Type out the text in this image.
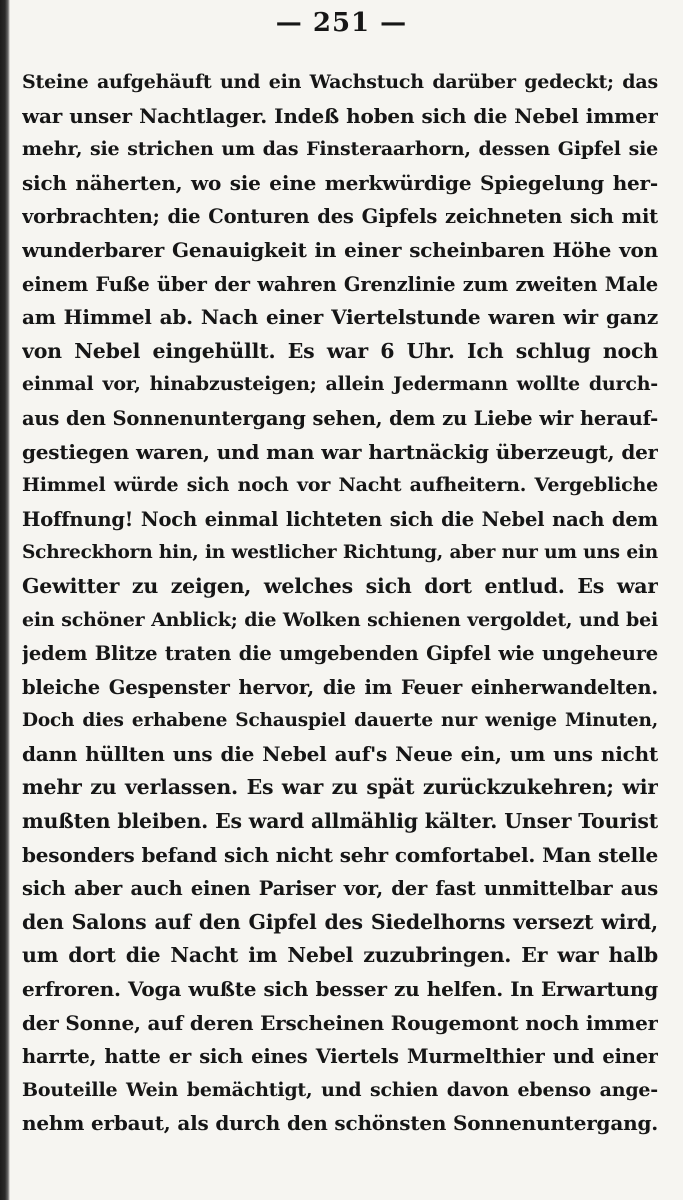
— 251 —
Steine aufgehäuft und ein Wachstuch darüber gedeckt; das
war unser Nachtlager. Indeß hoben sich die Nebel immer
mehr, sie strichen um das Finsteraarhorn, dessen Gipfel sie
sich näherten, wo sie eine merkwürdige Spiegelung her-
vorbrachten; die Conturen des Gipfels zeichneten sich mit
wunderbarer Genauigkeit in einer scheinbaren Höhe von
einem Fuße über der wahren Grenzlinie zum zweiten Male
am Himmel ab. Nach einer Viertelstunde waren wir ganz
von Nebel eingehüllt. Es war 6 Uhr. Ich schlug noch
einmal vor, hinabzusteigen; allein Jedermann wollte durch-
aus den Sonnenuntergang sehen, dem zu Liebe wir herauf-
gestiegen waren, und man war hartnäckig überzeugt, der
Himmel würde sich noch vor Nacht aufheitern. Vergebliche
Hoffnung! Noch einmal lichteten sich die Nebel nach dem
Schreckhorn hin, in westlicher Richtung, aber nur um uns ein
Gewitter zu zeigen, welches sich dort entlud. Es war
ein schöner Anblick; die Wolken schienen vergoldet, und bei
jedem Blitze traten die umgebenden Gipfel wie ungeheure
bleiche Gespenster hervor, die im Feuer einherwandelten.
Doch dies erhabene Schauspiel dauerte nur wenige Minuten,
dann hüllten uns die Nebel auf's Neue ein, um uns nicht
mehr zu verlassen. Es war zu spät zurückzukehren; wir
mußten bleiben. Es ward allmählig kälter. Unser Tourist
besonders befand sich nicht sehr comfortabel. Man stelle
sich aber auch einen Pariser vor, der fast unmittelbar aus
den Salons auf den Gipfel des Siedelhorns versezt wird,
um dort die Nacht im Nebel zuzubringen. Er war halb
erfroren. Voga wußte sich besser zu helfen. In Erwartung
der Sonne, auf deren Erscheinen Rougemont noch immer
harrte, hatte er sich eines Viertels Murmelthier und einer
Bouteille Wein bemächtigt, und schien davon ebenso ange-
nehm erbaut, als durch den schönsten Sonnenuntergang.
